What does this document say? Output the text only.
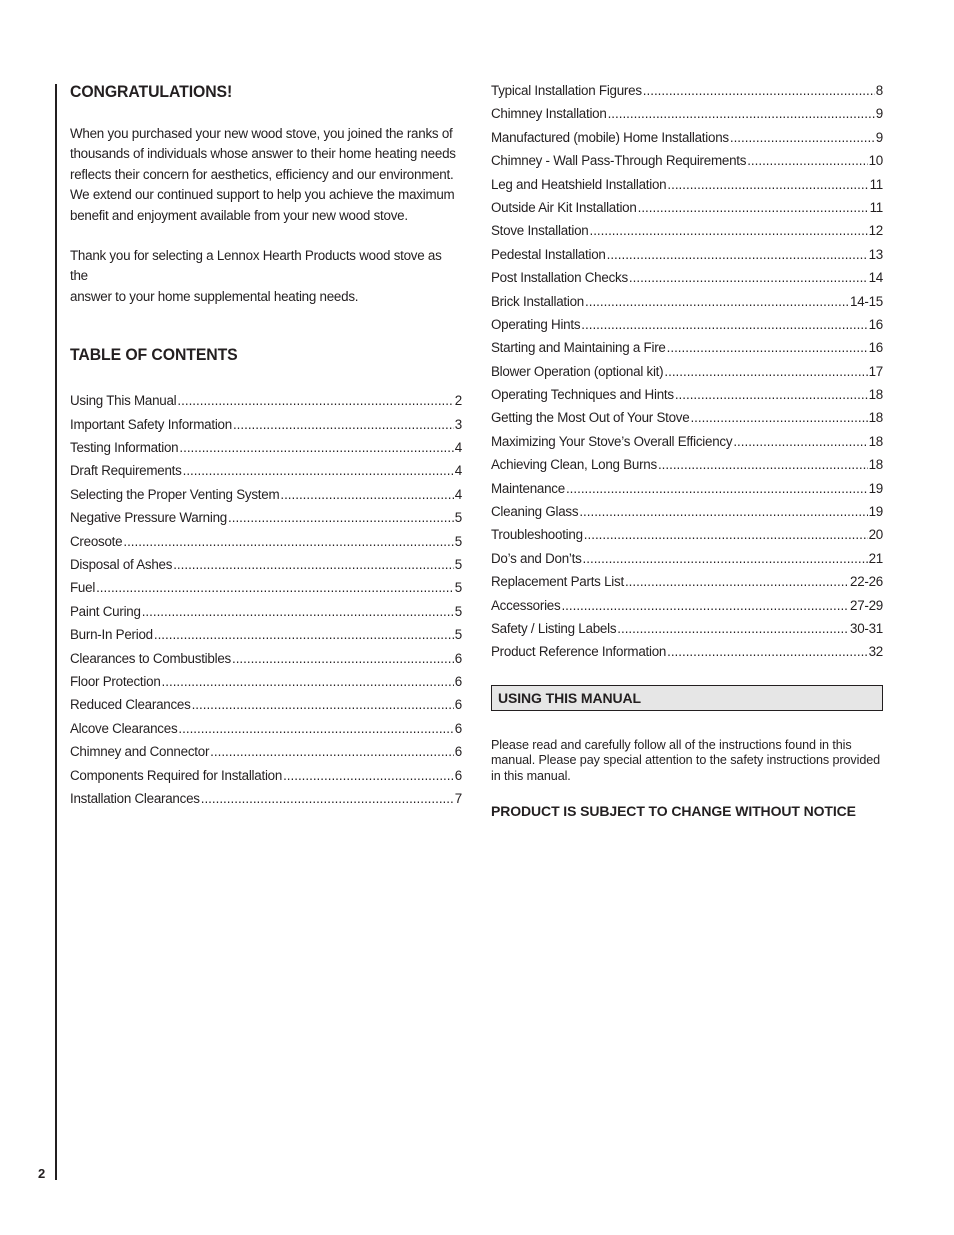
2
CONGRATULATIONS!

When you purchased your new wood stove, you joined the ranks of
thousands of individuals whose answer to their home heating needs
reflects their concern for aesthetics, efficiency and our environment.
We extend our continued support to help you achieve the maximum
benefit and enjoyment available from your new wood stove.

Thank you for selecting a Lennox Hearth Products wood stove as the
answer to your home supplemental heating needs.

TABLE OF CONTENTS
Using This Manual .....	2
Important Safety Information .....	3
Testing Information .....	4
Draft Requirements .....	4
Selecting the Proper Venting System .....	4
Negative Pressure Warning .....	5
Creosote .....	5
Disposal of Ashes .....	5
Fuel .....	5
Paint Curing .....	5
Burn-In Period .....	5
Clearances to Combustibles .....	6
Floor Protection .....	6
Reduced Clearances .....	6
Alcove Clearances .....	6
Chimney and Connector .....	6
Components Required for Installation .....	6
Installation Clearances .....	7
Typical Installation Figures .....	8
Chimney Installation .....	9
Manufactured (mobile) Home Installations .....	9
Chimney - Wall Pass-Through Requirements .....	10
Leg and Heatshield Installation .....	11
Outside Air Kit Installation .....	11
Stove Installation .....	12
Pedestal Installation .....	13
Post Installation Checks .....	14
Brick Installation .....	14-15
Operating Hints .....	16
Starting and Maintaining a Fire .....	16
Blower Operation (optional kit) .....	17
Operating Techniques and Hints .....	18
Getting the Most Out of Your Stove .....	18
Maximizing Your Stove’s Overall Efficiency .....	18
Achieving Clean, Long Burns .....	18
Maintenance .....	19
Cleaning Glass .....	19
Troubleshooting .....	20
Do’s and Don’ts .....	21
Replacement Parts List .....	22-26
Accessories .....	27-29
Safety / Listing Labels .....	30-31
Product Reference Information .....	32
USING THIS MANUAL

Please read and carefully follow all of the instructions found in this
manual. Please pay special attention to the safety instructions provided
in this manual.

PRODUCT IS SUBJECT TO CHANGE WITHOUT NOTICE
